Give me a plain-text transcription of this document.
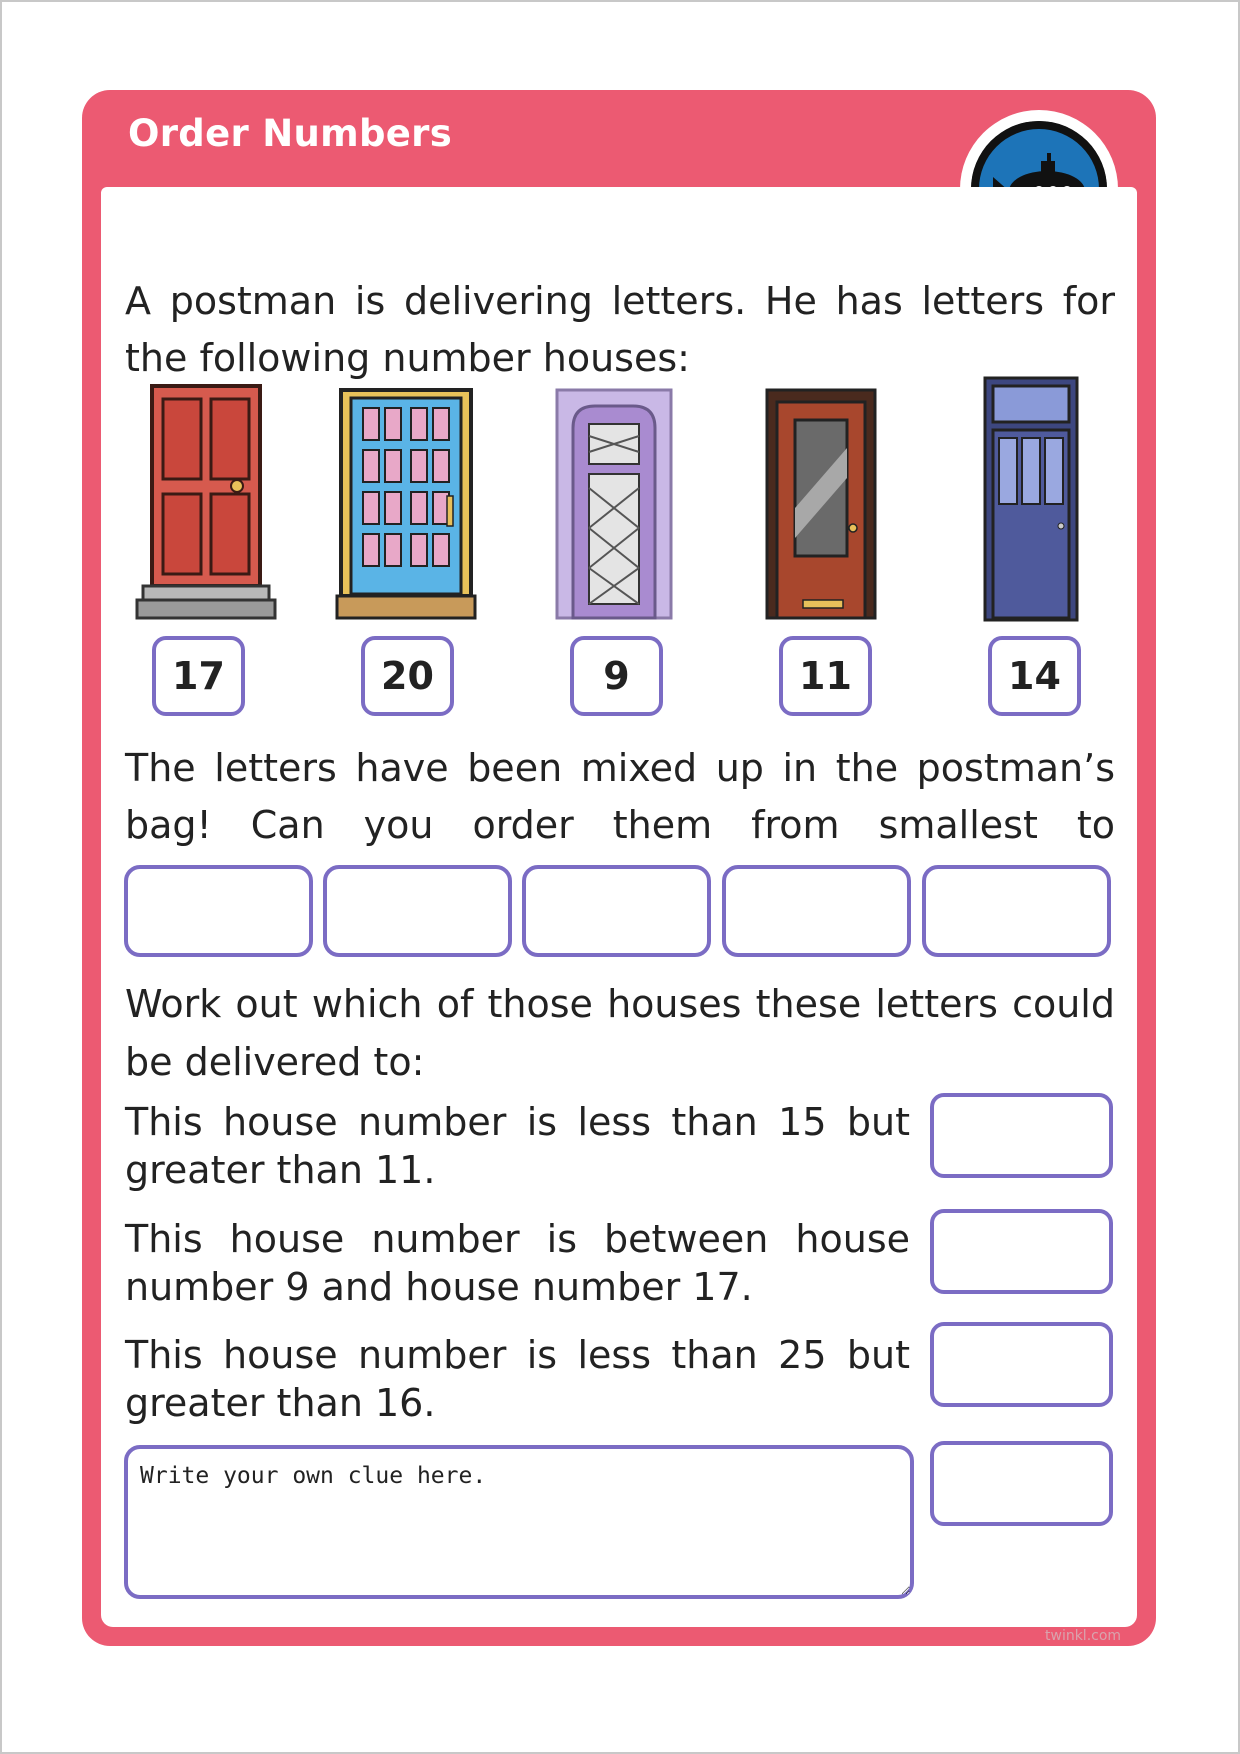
Order Numbers

A postman is delivering letters. He has letters for the following number houses:

17	20	9	11	14

The letters have been mixed up in the postman’s bag! Can you order them from smallest to

Work out which of those houses these letters could be delivered to:

This house number is less than 15 but greater than 11.

This house number is between house number 9 and house number 17.

This house number is less than 25 but greater than 16.

Write your own clue here.
twinkl.com
